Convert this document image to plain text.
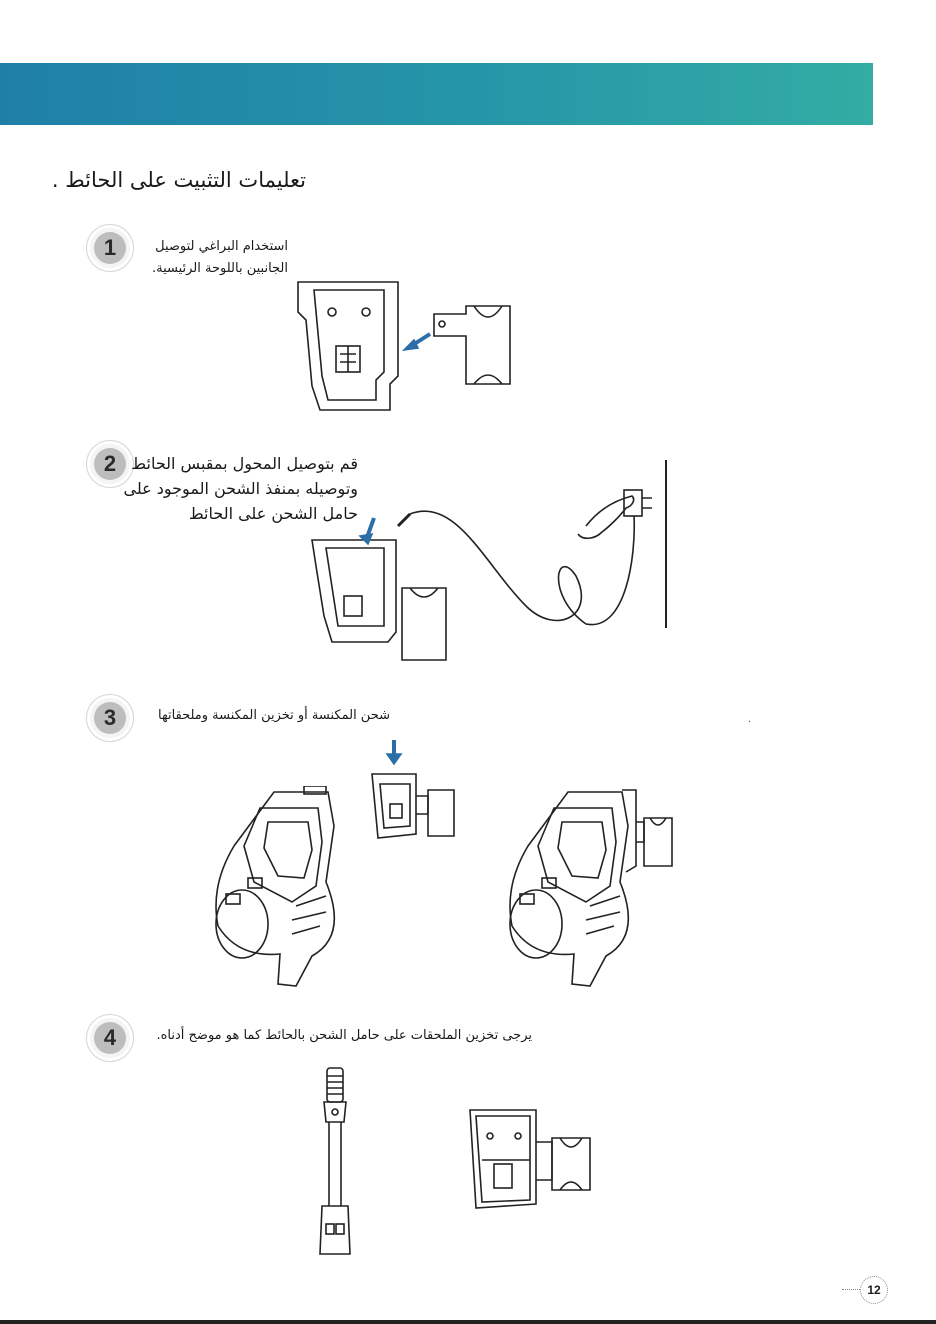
تعليمات التثبيت على الحائط .
1	استخدام البراغي لتوصيل
الجانبين باللوحة الرئيسية.
2 قم بتوصيل المحول بمقبس الحائط
وتوصيله بمنفذ الشحن الموجود على
حامل الشحن على الحائط
3	شحن المكنسة أو تخزين المكنسة وملحقاتها	.
4	يرجى تخزين الملحقات على حامل الشحن بالحائط كما هو موضح أدناه.
12
